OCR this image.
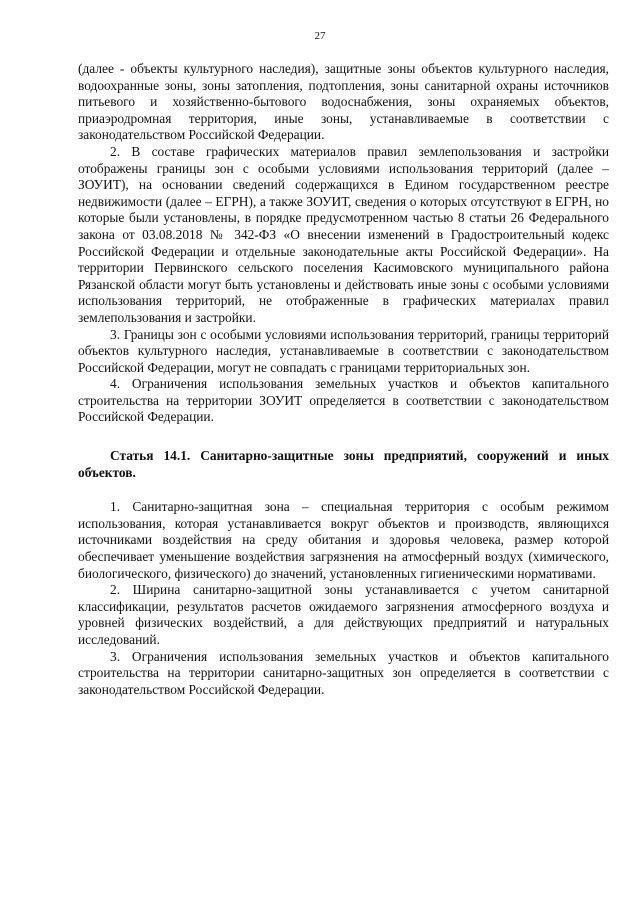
27

(далее - объекты культурного наследия), защитные зоны объектов культурного наследия, водоохранные зоны, зоны затопления, подтопления, зоны санитарной охраны источников питьевого и хозяйственно-бытового водоснабжения, зоны охраняемых объектов, приаэродромная территория, иные зоны, устанавливаемые в соответствии с законодательством Российской Федерации.

2. В составе графических материалов правил землепользования и застройки отображены границы зон с особыми условиями использования территорий (далее – ЗОУИТ), на основании сведений содержащихся в Едином государственном реестре недвижимости (далее – ЕГРН), а также ЗОУИТ, сведения о которых отсутствуют в ЕГРН, но которые были установлены, в порядке предусмотренном частью 8 статьи 26 Федерального закона от 03.08.2018 № 342-ФЗ «О внесении изменений в Градостроительный кодекс Российской Федерации и отдельные законодательные акты Российской Федерации». На территории Первинского сельского поселения Касимовского муниципального района Рязанской области могут быть установлены и действовать иные зоны с особыми условиями использования территорий, не отображенные в графических материалах правил землепользования и застройки.

3. Границы зон с особыми условиями использования территорий, границы территорий объектов культурного наследия, устанавливаемые в соответствии с законодательством Российской Федерации, могут не совпадать с границами территориальных зон.

4. Ограничения использования земельных участков и объектов капитального строительства на территории ЗОУИТ определяется в соответствии с законодательством Российской Федерации.

Статья 14.1. Санитарно-защитные зоны предприятий, сооружений и иных объектов.

1. Санитарно-защитная зона – специальная территория с особым режимом использования, которая устанавливается вокруг объектов и производств, являющихся источниками воздействия на среду обитания и здоровья человека, размер которой обеспечивает уменьшение воздействия загрязнения на атмосферный воздух (химического, биологического, физического) до значений, установленных гигиеническими нормативами.

2. Ширина санитарно-защитной зоны устанавливается с учетом санитарной классификации, результатов расчетов ожидаемого загрязнения атмосферного воздуха и уровней физических воздействий, а для действующих предприятий и натуральных исследований.

3. Ограничения использования земельных участков и объектов капитального строительства на территории санитарно-защитных зон определяется в соответствии с законодательством Российской Федерации.
